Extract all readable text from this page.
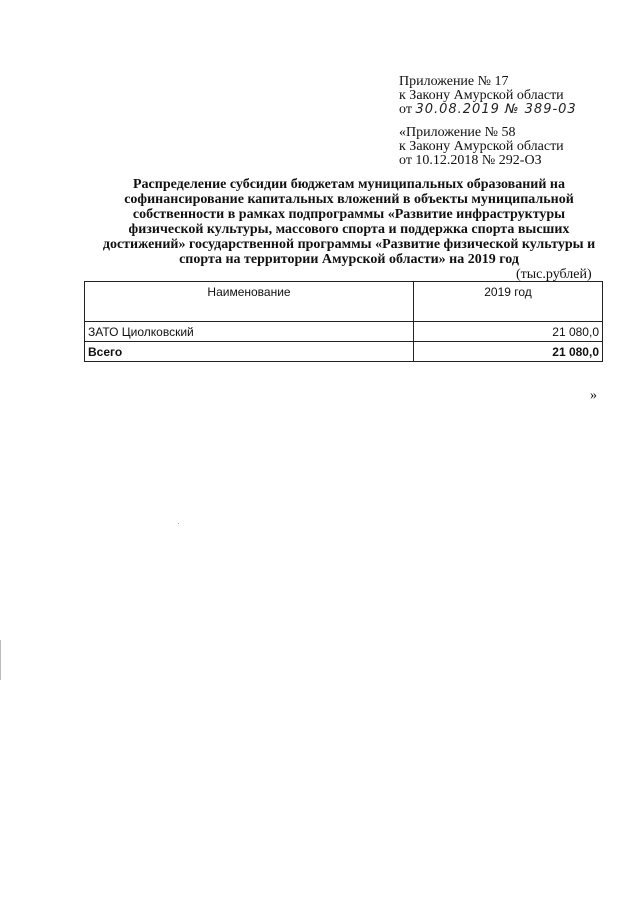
Приложение № 17
к Закону Амурской области
от 30.08.2019 № 389-03
«Приложение № 58
к Закону Амурской области
от 10.12.2018 № 292-ОЗ
Распределение субсидии бюджетам муниципальных образований на софинансирование капитальных вложений в объекты муниципальной собственности в рамках подпрограммы «Развитие инфраструктуры физической культуры, массового спорта и поддержка спорта высших достижений» государственной программы «Развитие физической культуры и спорта на территории Амурской области» на 2019 год
(тыс.рублей)
Наименование	2019 год
ЗАТО Циолковский	21 080,0
Всего	21 080,0
»
